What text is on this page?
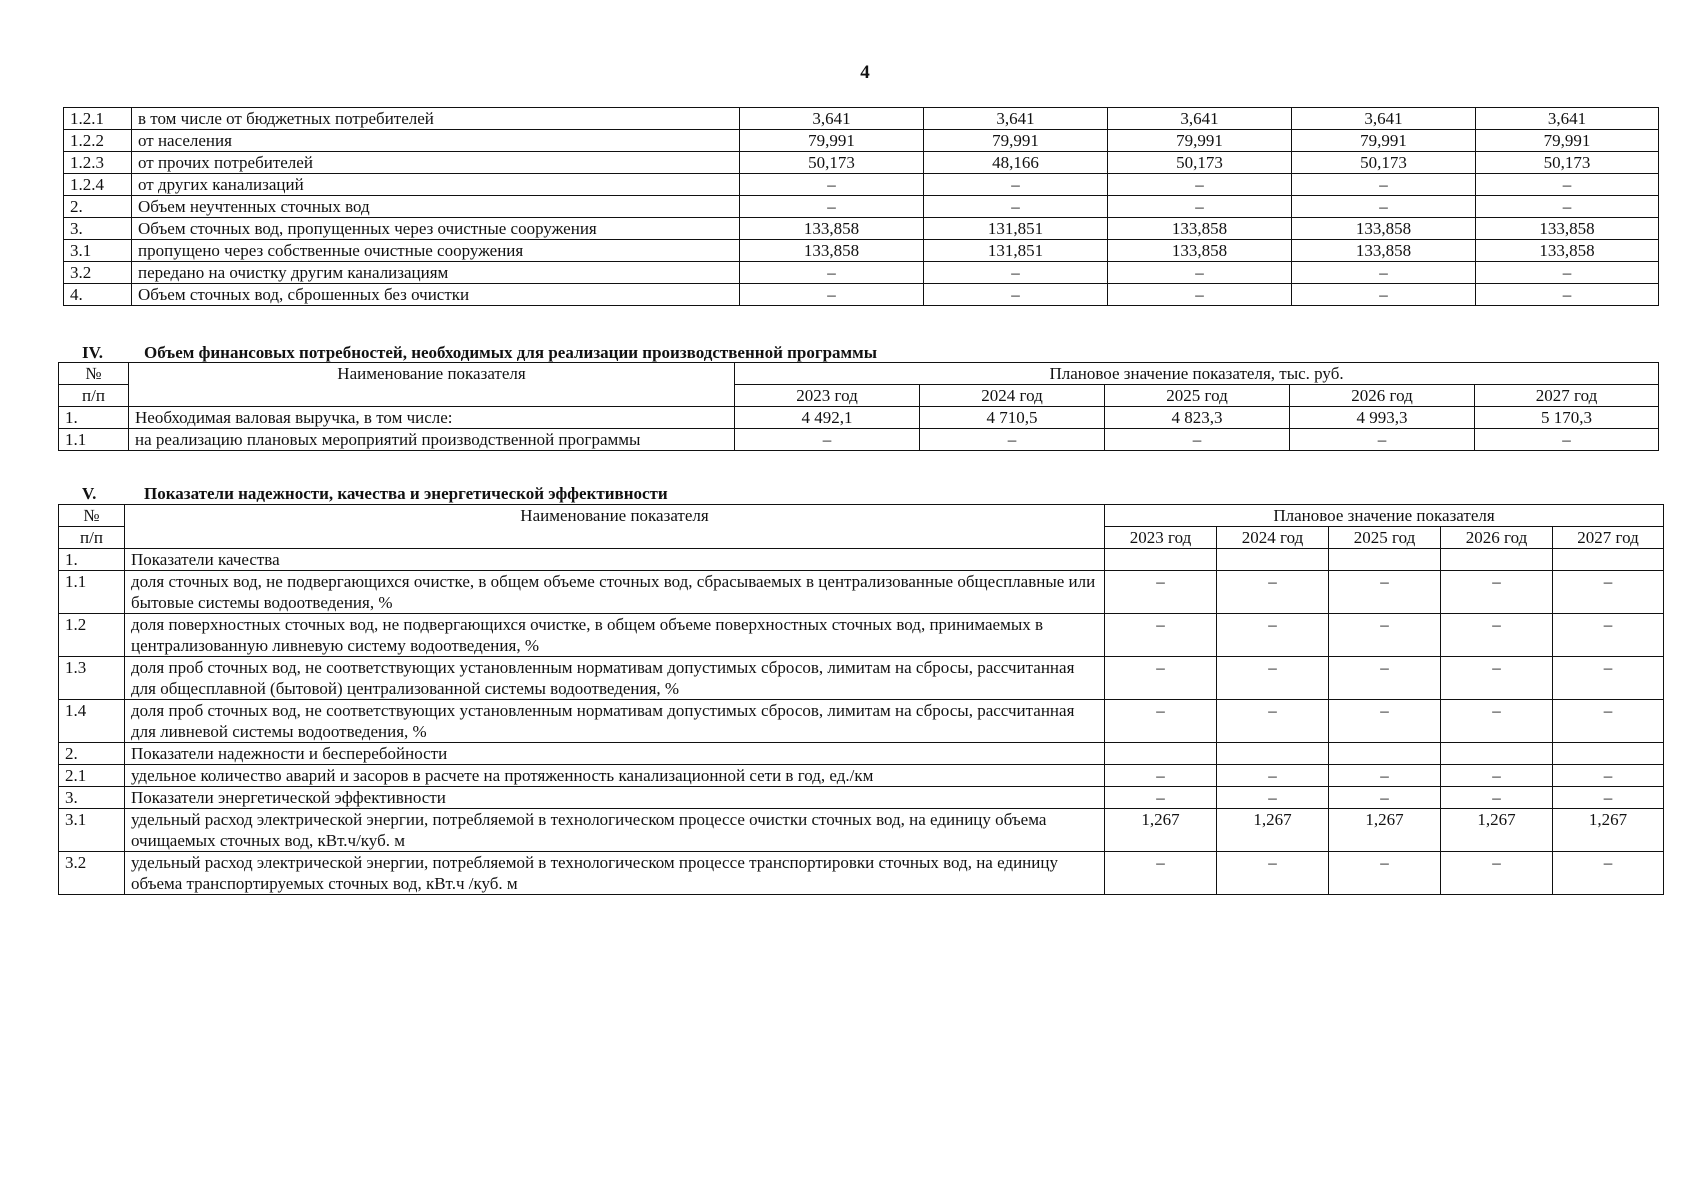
4
1.2.1	в том числе от бюджетных потребителей	3,641	3,641	3,641	3,641	3,641
1.2.2	от населения	79,991	79,991	79,991	79,991	79,991
1.2.3	от прочих потребителей	50,173	48,166	50,173	50,173	50,173
1.2.4	от других канализаций	–	–	–	–	–
2.	Объем неучтенных сточных вод	–	–	–	–	–
3.	Объем сточных вод, пропущенных через очистные сооружения	133,858	131,851	133,858	133,858	133,858
3.1	пропущено через собственные очистные сооружения	133,858	131,851	133,858	133,858	133,858
3.2	передано на очистку другим канализациям	–	–	–	–	–
4.	Объем сточных вод, сброшенных без очистки	–	–	–	–	–
IV. Объем финансовых потребностей, необходимых для реализации производственной программы
№	Наименование показателя	Плановое значение показателя, тыс. руб.				
п/п		2023 год	2024 год	2025 год	2026 год	2027 год
1.	Необходимая валовая выручка, в том числе:	4 492,1	4 710,5	4 823,3	4 993,3	5 170,3
1.1	на реализацию плановых мероприятий производственной программы	–	–	–	–	–
V.	Показатели надежности, качества и энергетической эффективности
№	Наименование показателя	Плановое значение показателя				
п/п		2023 год	2024 год	2025 год	2026 год	2027 год
1.	Показатели качества					
1.1	доля сточных вод, не подвергающихся очистке, в общем объеме сточных вод, сбрасываемых в централизованные общесплавные или бытовые системы водоотведения, %	–	–	–	–	–
1.2	доля поверхностных сточных вод, не подвергающихся очистке, в общем объеме поверхностных сточных вод, принимаемых в централизованную ливневую систему водоотведения, %	–	–	–	–	–
1.3	доля проб сточных вод, не соответствующих установленным нормативам допустимых сбросов, лимитам на сбросы, рассчитанная для общесплавной (бытовой) централизованной системы водоотведения, %	–	–	–	–	–
1.4	доля проб сточных вод, не соответствующих установленным нормативам допустимых сбросов, лимитам на сбросы, рассчитанная для ливневой системы водоотведения, %	–	–	–	–	–
2.	Показатели надежности и бесперебойности					
2.1	удельное количество аварий и засоров в расчете на протяженность канализационной сети в год, ед./км	–	–	–	–	–
3.	Показатели энергетической эффективности	–	–	–	–	–
3.1	удельный расход электрической энергии, потребляемой в технологическом процессе очистки сточных вод, на единицу объема очищаемых сточных вод, кВт.ч/куб. м	1,267	1,267	1,267	1,267	1,267
3.2	удельный расход электрической энергии, потребляемой в технологическом процессе транспортировки сточных вод, на единицу объема транспортируемых сточных вод, кВт.ч /куб. м	–	–	–	–	–
